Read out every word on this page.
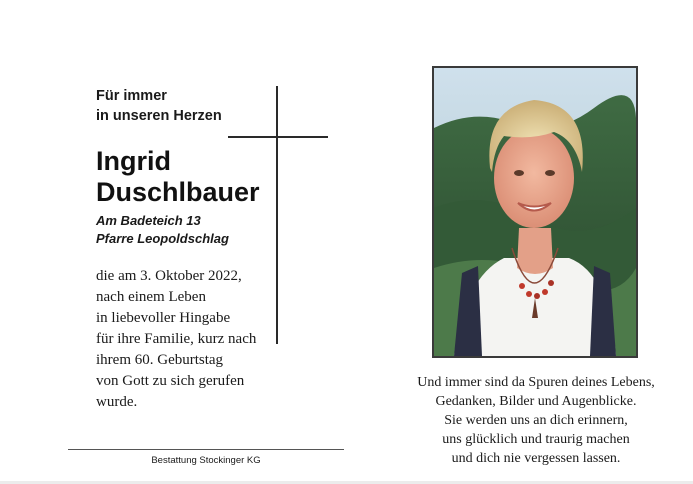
Für immer
in unseren Herzen
Ingrid
Duschlbauer
Am Badeteich 13
Pfarre Leopoldschlag
die am 3. Oktober 2022,
nach einem Leben
in liebevoller Hingabe
für ihre Familie, kurz nach
ihrem 60. Geburtstag
von Gott zu sich gerufen
wurde.
Bestattung Stockinger KG
Und immer sind da Spuren deines Lebens,
Gedanken, Bilder und Augenblicke.
Sie werden uns an dich erinnern,
uns glücklich und traurig machen
und dich nie vergessen lassen.
